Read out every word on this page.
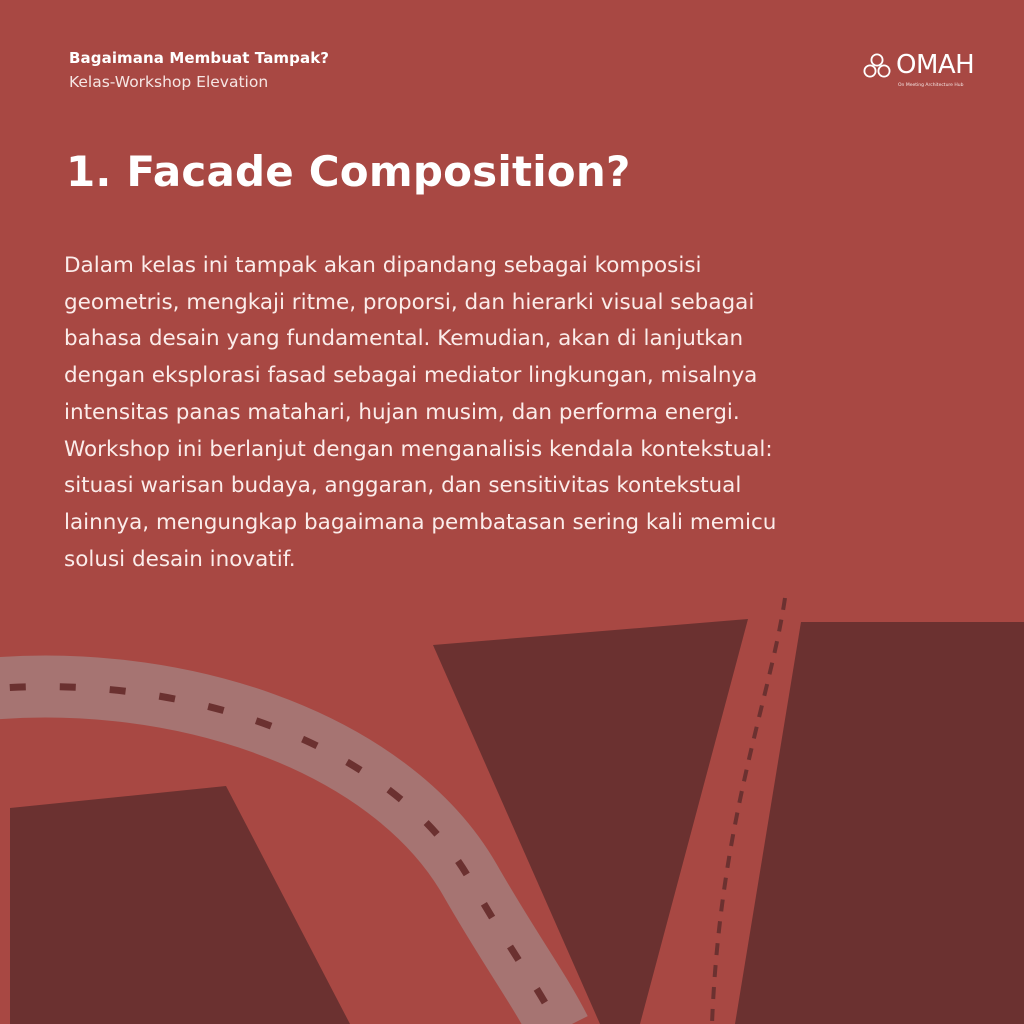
Bagaimana Membuat Tampak?
Kelas-Workshop Elevation
OMAH
On Meeting Architecture Hub
1. Facade Composition?

Dalam kelas ini tampak akan dipandang sebagai komposisi
geometris, mengkaji ritme, proporsi, dan hierarki visual sebagai
bahasa desain yang fundamental. Kemudian, akan di lanjutkan
dengan eksplorasi fasad sebagai mediator lingkungan, misalnya
intensitas panas matahari, hujan musim, dan performa energi.
Workshop ini berlanjut dengan menganalisis kendala kontekstual:
situasi warisan budaya, anggaran, dan sensitivitas kontekstual
lainnya, mengungkap bagaimana pembatasan sering kali memicu
solusi desain inovatif.
